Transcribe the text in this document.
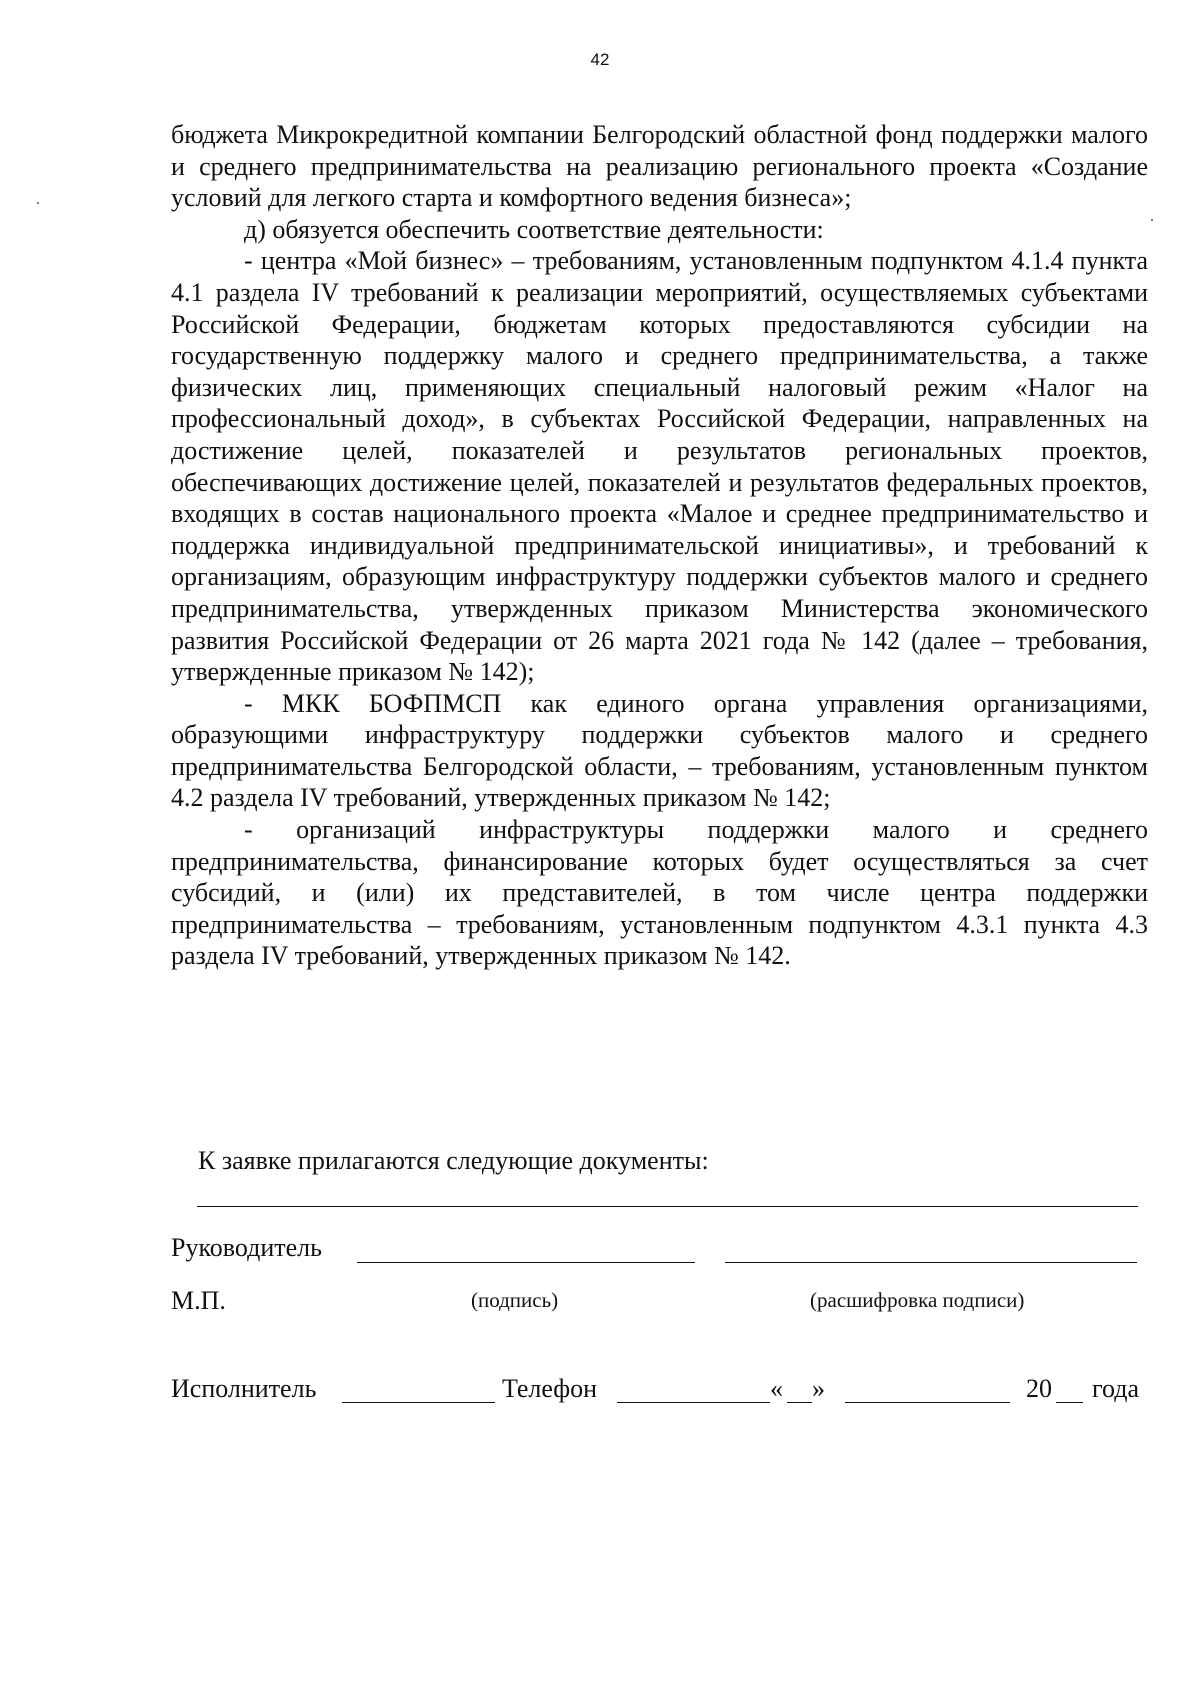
42

бюджета Микрокредитной компании Белгородский областной фонд поддержки малого и среднего предпринимательства на реализацию регионального проекта «Создание условий для легкого старта и комфортного ведения бизнеса»;

д) обязуется обеспечить соответствие деятельности:

- центра «Мой бизнес» – требованиям, установленным подпунктом 4.1.4 пункта 4.1 раздела IV требований к реализации мероприятий, осуществляемых субъектами Российской Федерации, бюджетам которых предоставляются субсидии на государственную поддержку малого и среднего предпринимательства, а также физических лиц, применяющих специальный налоговый режим «Налог на профессиональный доход», в субъектах Российской Федерации, направленных на достижение целей, показателей и результатов региональных проектов, обеспечивающих достижение целей, показателей и результатов федеральных проектов, входящих в состав национального проекта «Малое и среднее предпринимательство и поддержка индивидуальной предпринимательской инициативы», и требований к организациям, образующим инфраструктуру поддержки субъектов малого и среднего предпринимательства, утвержденных приказом Министерства экономического развития Российской Федерации от 26 марта 2021 года № 142 (далее – требования, утвержденные приказом № 142);

- МКК БОФПМСП как единого органа управления организациями, образующими инфраструктуру поддержки субъектов малого и среднего предпринимательства Белгородской области, – требованиям, установленным пунктом 4.2 раздела IV требований, утвержденных приказом № 142;

- организаций инфраструктуры поддержки малого и среднего предпринимательства, финансирование которых будет осуществляться за счет субсидий, и (или) их представителей, в том числе центра поддержки предпринимательства – требованиям, установленным подпунктом 4.3.1 пункта 4.3 раздела IV требований, утвержденных приказом № 142.

К заявке прилагаются следующие документы:
Руководитель
М.П.	(подпись)	(расшифровка подписи)
Исполнитель	Телефон	« »	20 года
